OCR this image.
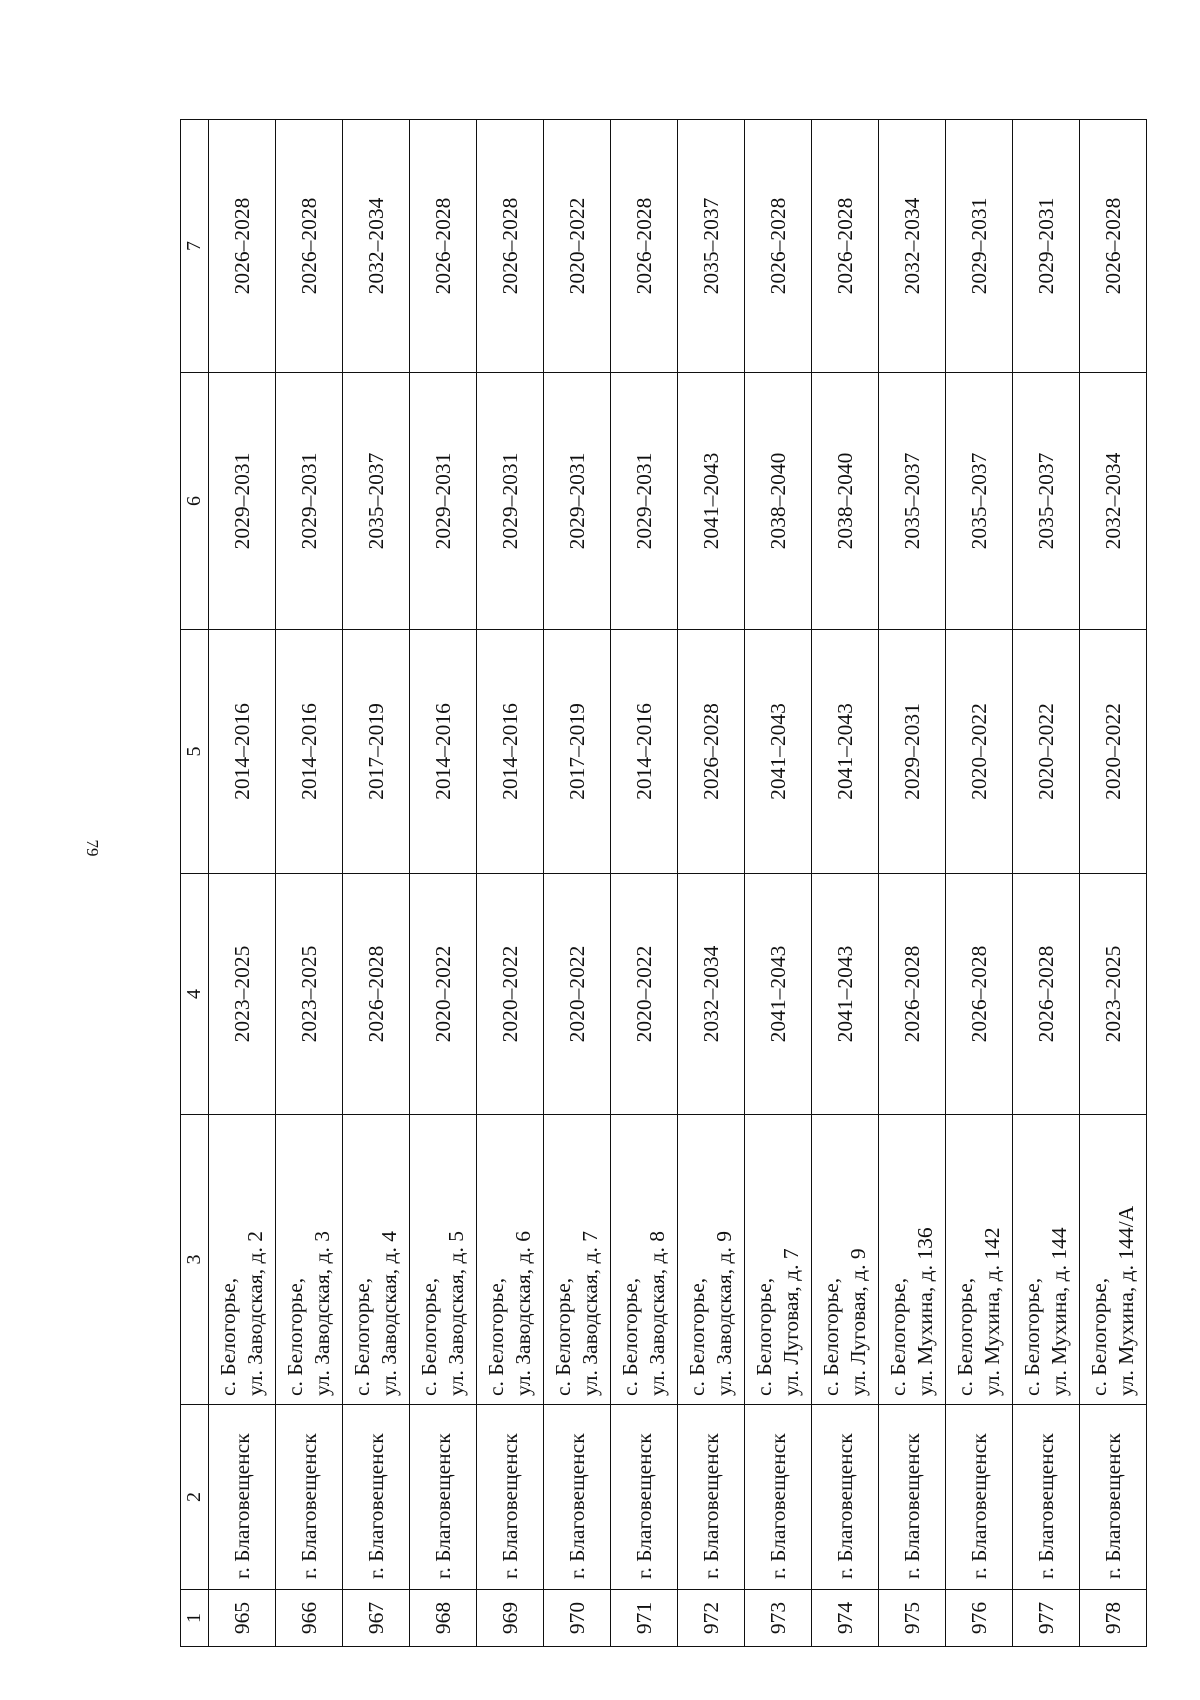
79
1	2	3	4	5	6	7
965	г. Благовещенск	с. Белогорье, ул. Заводская, д. 2	2023–2025	2014–2016	2029–2031	2026–2028
966	г. Благовещенск	с. Белогорье, ул. Заводская, д. 3	2023–2025	2014–2016	2029–2031	2026–2028
967	г. Благовещенск	с. Белогорье, ул. Заводская, д. 4	2026–2028	2017–2019	2035–2037	2032–2034
968	г. Благовещенск	с. Белогорье, ул. Заводская, д. 5	2020–2022	2014–2016	2029–2031	2026–2028
969	г. Благовещенск	с. Белогорье, ул. Заводская, д. 6	2020–2022	2014–2016	2029–2031	2026–2028
970	г. Благовещенск	с. Белогорье, ул. Заводская, д. 7	2020–2022	2017–2019	2029–2031	2020–2022
971	г. Благовещенск	с. Белогорье, ул. Заводская, д. 8	2020–2022	2014–2016	2029–2031	2026–2028
972	г. Благовещенск	с. Белогорье, ул. Заводская, д. 9	2032–2034	2026–2028	2041–2043	2035–2037
973	г. Благовещенск	с. Белогорье, ул. Луговая, д. 7	2041–2043	2041–2043	2038–2040	2026–2028
974	г. Благовещенск	с. Белогорье, ул. Луговая, д. 9	2041–2043	2041–2043	2038–2040	2026–2028
975	г. Благовещенск	с. Белогорье, ул. Мухина, д. 136	2026–2028	2029–2031	2035–2037	2032–2034
976	г. Благовещенск	с. Белогорье, ул. Мухина, д. 142	2026–2028	2020–2022	2035–2037	2029–2031
977	г. Благовещенск	с. Белогорье, ул. Мухина, д. 144	2026–2028	2020–2022	2035–2037	2029–2031
978	г. Благовещенск	с. Белогорье, ул. Мухина, д. 144/А	2023–2025	2020–2022	2032–2034	2026–2028
